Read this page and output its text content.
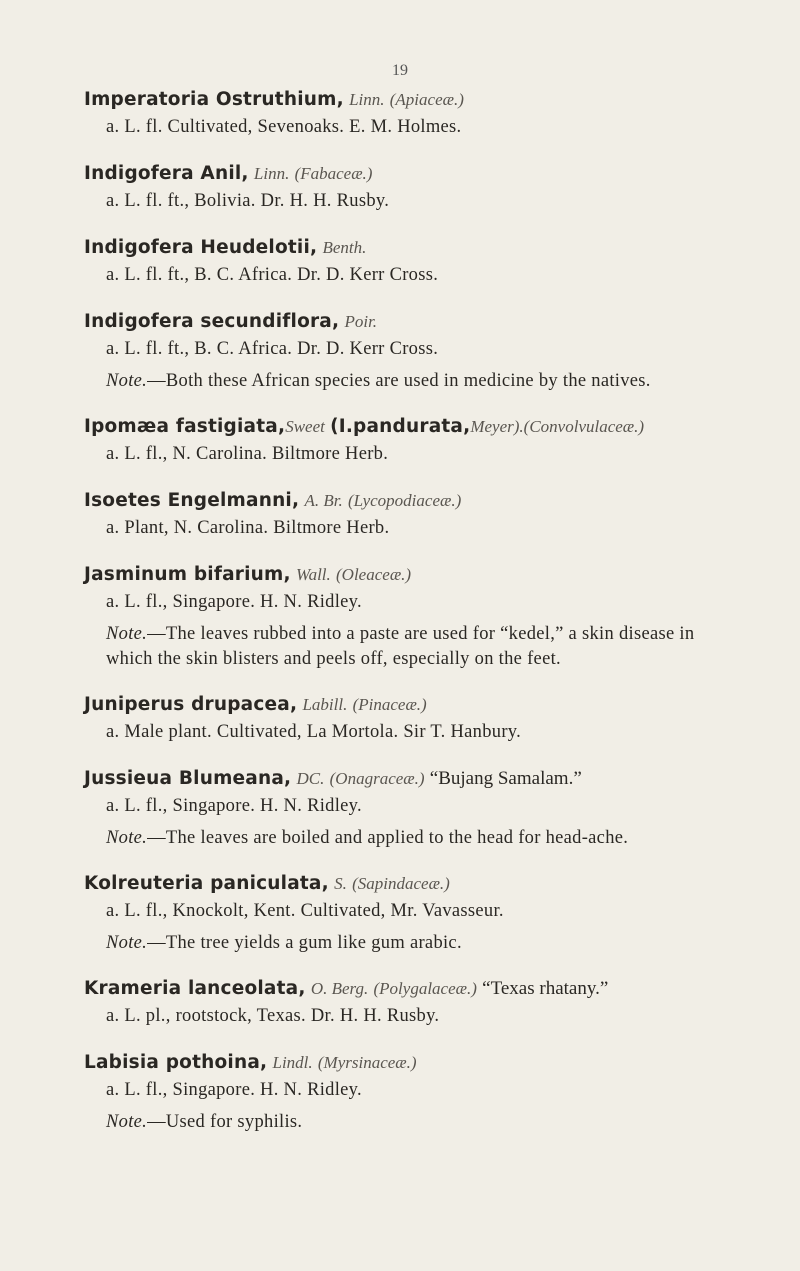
19
Imperatoria Ostruthium, Linn. (Apiaceæ.)
a. L. fl. Cultivated, Sevenoaks. E. M. Holmes.
Indigofera Anil, Linn. (Fabaceæ.)
a. L. fl. ft., Bolivia. Dr. H. H. Rusby.
Indigofera Heudelotii, Benth.
a. L. fl. ft., B. C. Africa. Dr. D. Kerr Cross.
Indigofera secundiflora, Poir.
a. L. fl. ft., B. C. Africa. Dr. D. Kerr Cross.
Note.—Both these African species are used in medicine by the natives.
Ipomæa fastigiata,Sweet (I.pandurata,Meyer).(Convolvulaceæ.)
a. L. fl., N. Carolina. Biltmore Herb.
Isoetes Engelmanni, A. Br. (Lycopodiaceæ.)
a. Plant, N. Carolina. Biltmore Herb.
Jasminum bifarium, Wall. (Oleaceæ.)
a. L. fl., Singapore. H. N. Ridley.
Note.—The leaves rubbed into a paste are used for “kedel,” a skin disease in which the skin blisters and peels off, especially on the feet.
Juniperus drupacea, Labill. (Pinaceæ.)
a. Male plant. Cultivated, La Mortola. Sir T. Hanbury.
Jussieua Blumeana, DC. (Onagraceæ.) “Bujang Samalam.”
a. L. fl., Singapore. H. N. Ridley.
Note.—The leaves are boiled and applied to the head for head-ache.
Kolreuteria paniculata, S. (Sapindaceæ.)
a. L. fl., Knockolt, Kent. Cultivated, Mr. Vavasseur.
Note.—The tree yields a gum like gum arabic.
Krameria lanceolata, O. Berg. (Polygalaceæ.) “Texas rhatany.”
a. L. pl., rootstock, Texas. Dr. H. H. Rusby.
Labisia pothoina, Lindl. (Myrsinaceæ.)
a. L. fl., Singapore. H. N. Ridley.
Note.—Used for syphilis.
